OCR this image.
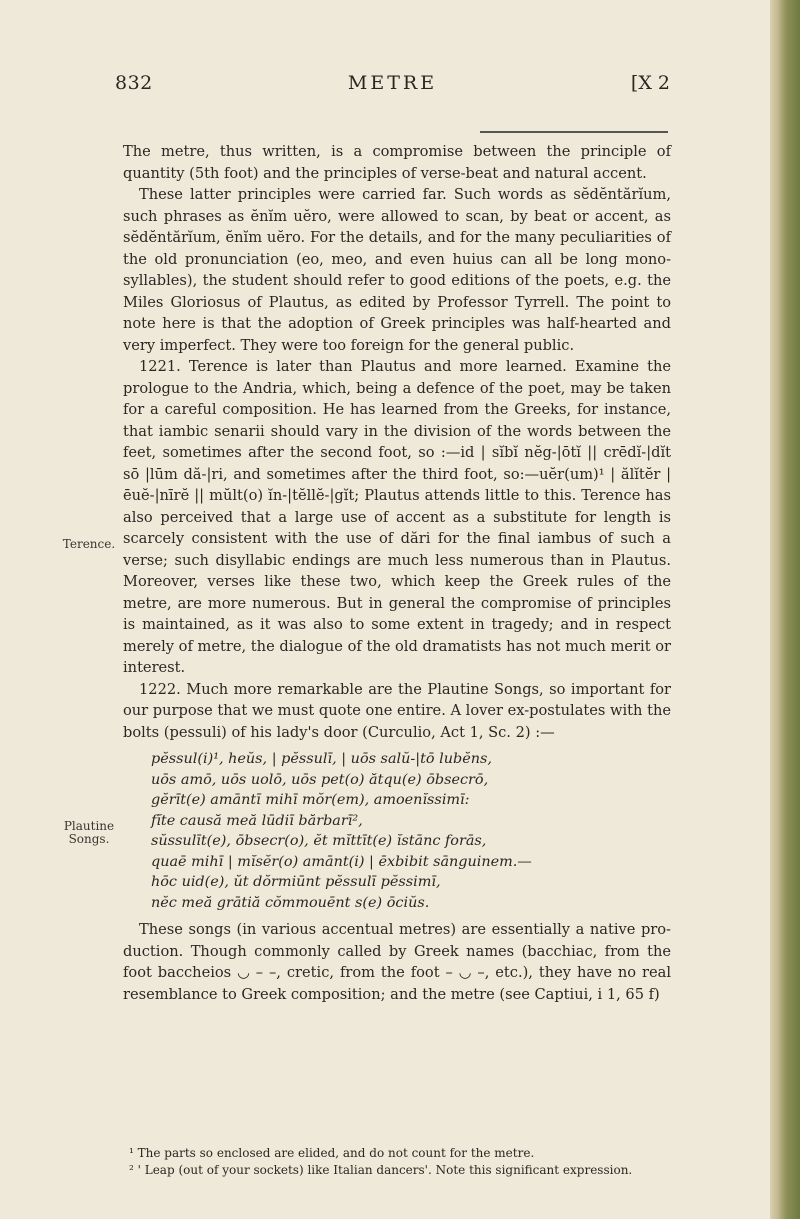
832	METRE	[X 2
Terence.
Plautine Songs.

The metre, thus written, is a compromise between the principle of quantity (5th foot) and the principles of verse-beat and natural accent.

These latter principles were carried far. Such words as sĕdĕntărĭum, such phrases as ĕnĭm uĕro, were allowed to scan, by beat or accent, as sĕdĕntărĭum, ĕnĭm uĕro. For the details, and for the many peculiarities of the old pronunciation (eo, meo, and even huius can all be long mono-syllables), the student should refer to good editions of the poets, e.g. the Miles Gloriosus of Plautus, as edited by Professor Tyrrell. The point to note here is that the adoption of Greek principles was half-hearted and very imperfect. They were too foreign for the general public.

1221. Terence is later than Plautus and more learned. Examine the prologue to the Andria, which, being a defence of the poet, may be taken for a careful composition. He has learned from the Greeks, for instance, that iambic senarii should vary in the division of the words between the feet, sometimes after the second foot, so :—id | sĭbĭ nĕg-|ōtĭ || crēdĭ-|dĭt sō |lūm dă-|ri, and sometimes after the third foot, so:—uĕr(um)¹ | ălĭtĕr | ēuĕ-|nīrĕ || mŭlt(o) ĭn-|tĕllĕ-|gĭt; Plautus attends little to this. Terence has also perceived that a large use of accent as a substitute for length is scarcely consistent with the use of dări for the final iambus of such a verse; such disyllabic endings are much less numerous than in Plautus. Moreover, verses like these two, which keep the Greek rules of the metre, are more numerous. But in general the compromise of principles is maintained, as it was also to some extent in tragedy; and in respect merely of metre, the dialogue of the old dramatists has not much merit or interest.

1222. Much more remarkable are the Plautine Songs, so important for our purpose that we must quote one entire. A lover ex-postulates with the bolts (pessuli) of his lady's door (Curculio, Act 1, Sc. 2) :—

pĕssul(i)¹, heŭs, | pĕssulī, | uōs salŭ-|tō lubĕns,
uōs amō, uōs uolō, uōs pet(o) ătqu(e) ōbsecrō,
gĕrīt(e) amāntī mihī mŏr(em), amoenĭssimī:
fĭte causă meă lūdiī bărbarī²,
sŭssulīt(e), ōbsecr(o), ĕt mĭttīt(e) ĭstānc forās,
quaē mihī | mĭsĕr(o) amānt(i) | ēxbibit sānguinem.—
hōc uid(e), ŭt dŏrmiūnt pĕssulī pĕssimī,
nĕc meă grātiă cŏmmouēnt s(e) ōciŭs.

These songs (in various accentual metres) are essentially a native pro-duction. Though commonly called by Greek names (bacchiac, from the foot baccheios ◡ – –, cretic, from the foot – ◡ –, etc.), they have no real resemblance to Greek composition; and the metre (see Captiui, i 1, 65 f)

¹ The parts so enclosed are elided, and do not count for the metre.
² ' Leap (out of your sockets) like Italian dancers'. Note this significant expression.
